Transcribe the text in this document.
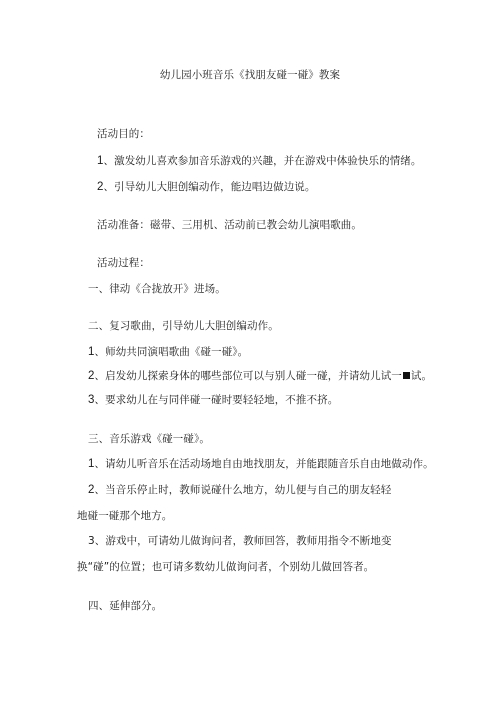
幼儿园小班音乐《找朋友碰一碰》教案
活动目的：
1、激发幼儿喜欢参加音乐游戏的兴趣，并在游戏中体验快乐的情绪。
2、引导幼儿大胆创编动作，能边唱边做边说。
活动准备：磁带、三用机、活动前已教会幼儿演唱歌曲。
活动过程：
一、律动《合拢放开》进场。
二、复习歌曲，引导幼儿大胆创编动作。
1、师幼共同演唱歌曲《碰一碰》。
2、启发幼儿探索身体的哪些部位可以与别人碰一碰，并请幼儿试一 试。
3、要求幼儿在与同伴碰一碰时要轻轻地，不推不挤。
三、音乐游戏《碰一碰》。
1、请幼儿听音乐在活动场地自由地找朋友，并能跟随音乐自由地做动作。
2、当音乐停止时，教师说碰什么地方，幼儿便与自己的朋友轻轻
地碰一碰那个地方。
3、游戏中，可请幼儿做询问者，教师回答，教师用指令不断地变
换“碰”的位置；也可请多数幼儿做询问者，个别幼儿做回答者。
四、延伸部分。
